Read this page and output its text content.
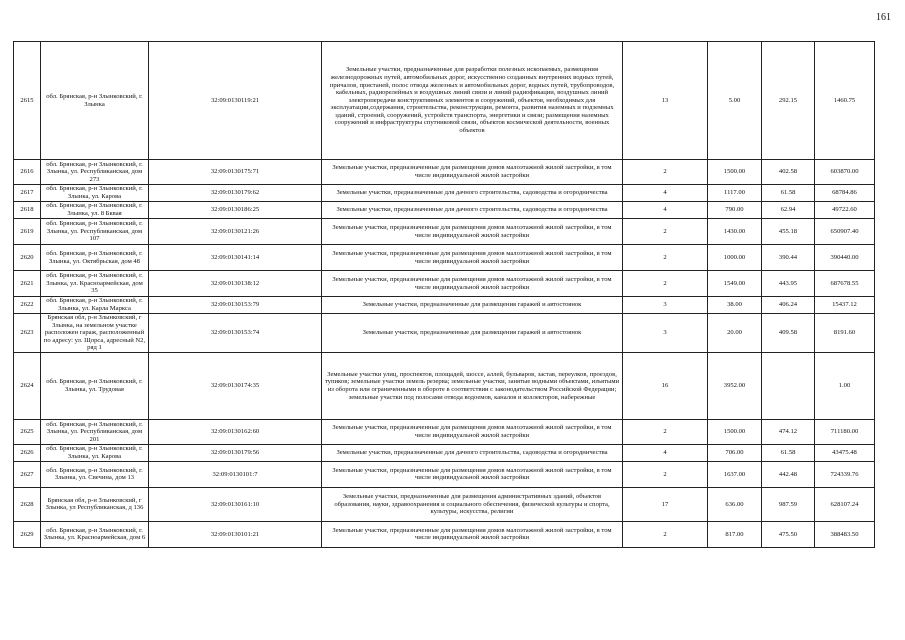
161
2615	обл. Брянская, р-н Злынковский, г. Злынка	32:09:0130119:21	Земельные участки, предназначенные для разработки полезных ископаемых, размещения железнодорожных путей, автомобильных дорог, искусственно созданных внутренних водных путей, причалов, пристаней, полос отвода железных и автомобильных дорог, водных путей, трубопроводов, кабельных, радиорелейных и воздушных линий связи и линий радиофикации, воздушных линий электропередачи конструктивных элементов и сооружений, объектов, необходимых для эксплуатации,содержания, строительства, реконструкции, ремонта, развития наземных и подземных зданий, строений, сооружений, устройств транспорта, энергетики и связи; размещения наземных сооружений и инфраструктуры спутниковой связи, объектов космической деятельности, военных объектов	13	5.00	292.15	1460.75
2616	обл. Брянская, р-н Злынковский, г. Злынка, ул. Республиканская, дом 273	32:09:0130175:71	Земельные участки, предназначенные для размещения домов малоэтажной жилой застройки, в том числе индивидуальной жилой застройки	2	1500.00	402.58	603870.00
2617	обл. Брянская, р-н Злынковский, г. Злынка, ул. Карова	32:09:0130179:62	Земельные участки, предназначенные для дачного строительства, садоводства и огородничества	4	1117.00	61.58	68784.86
2618	обл. Брянская, р-н Злынковский, г. Злынка, ул. 8 Бквая	32:09:0130186:25	Земельные участки, предназначенные для дачного строительства, садоводства и огородничества	4	790.00	62.94	49722.60
2619	обл. Брянская, р-н Злынковский, г. Злынка, ул. Республиканская, дом 107	32:09:0130121:26	Земельные участки, предназначенные для размещения домов малоэтажной жилой застройки, в том числе индивидуальной жилой застройки	2	1430.00	455.18	650907.40
2620	обл. Брянская, р-н Злынковский, г. Злынка, ул. Октябрьская, дом 48	32:09:0130141:14	Земельные участки, предназначенные для размещения домов малоэтажной жилой застройки, в том числе индивидуальной жилой застройки	2	1000.00	390.44	390440.00
2621	обл. Брянская, р-н Злынковский, г. Злынка, ул. Красноармейская, дом 35	32:09:0130138:12	Земельные участки, предназначенные для размещения домов малоэтажной жилой застройки, в том числе индивидуальной жилой застройки	2	1549.00	443.95	687678.55
2622	обл. Брянская, р-н Злынковский, г. Злынка, ул. Карла Маркса	32:09:0130153:79	Земельные участки, предназначенные для размещения гаражей и автостоянок	3	38.00	406.24	15437.12
2623	Брянская обл, р-н Злынковский, г Злынка, на земельном участке расположен гараж, расположенный по адресу: ул. Щорса, адресный N2, ряд 1	32:09:0130153:74	Земельные участки, предназначенные для размещения гаражей и автостоянок	3	20.00	409.58	8191.60
2624	обл. Брянская, р-н Злынковский, г. Злынка, ул. Трудовая	32:09:0130174:35	Земельные участки улиц, проспектов, площадей, шоссе, аллей, бульваров, застав, переулков, проездов, тупиков; земельные участки земель резерва; земельные участки, занятые водными объектами, изъятыми из оборота или ограниченными в обороте в соответствии с законодательством Российской Федерации; земельные участки под полосами отвода водоемов, каналов и коллекторов, набережные	16	3952.00		1.00
2625	обл. Брянская, р-н Злынковский, г. Злынка, ул. Республиканская, дом 201	32:09:0130162:60	Земельные участки, предназначенные для размещения домов малоэтажной жилой застройки, в том числе индивидуальной жилой застройки	2	1500.00	474.12	711180.00
2626	обл. Брянская, р-н Злынковский, г. Злынка, ул. Карова	32:09:0130179:56	Земельные участки, предназначенные для дачного строительства, садоводства и огородничества	4	706.00	61.58	43475.48
2627	обл. Брянская, р-н Злынковский, г. Злынка, ул. Свечина, дом 13	32:09:0130101:7	Земельные участки, предназначенные для размещения домов малоэтажной жилой застройки, в том числе индивидуальной жилой застройки	2	1637.00	442.48	724339.76
2628	Брянская обл, р-н Злынковский, г Злынка, ул Республиканская, д 136	32:09:0130161:10	Земельные участки, предназначенные для размещения административных зданий, объектов образования, науки, здравоохранения и социального обеспечения, физической культуры и спорта, культуры, искусства, религии	17	636.00	987.59	628107.24
2629	обл. Брянская, р-н Злынковский, г. Злынка, ул. Красноармейская, дом 6	32:09:0130101:21	Земельные участки, предназначенные для размещения домов малоэтажной жилой застройки, в том числе индивидуальной жилой застройки	2	817.00	475.50	388483.50
